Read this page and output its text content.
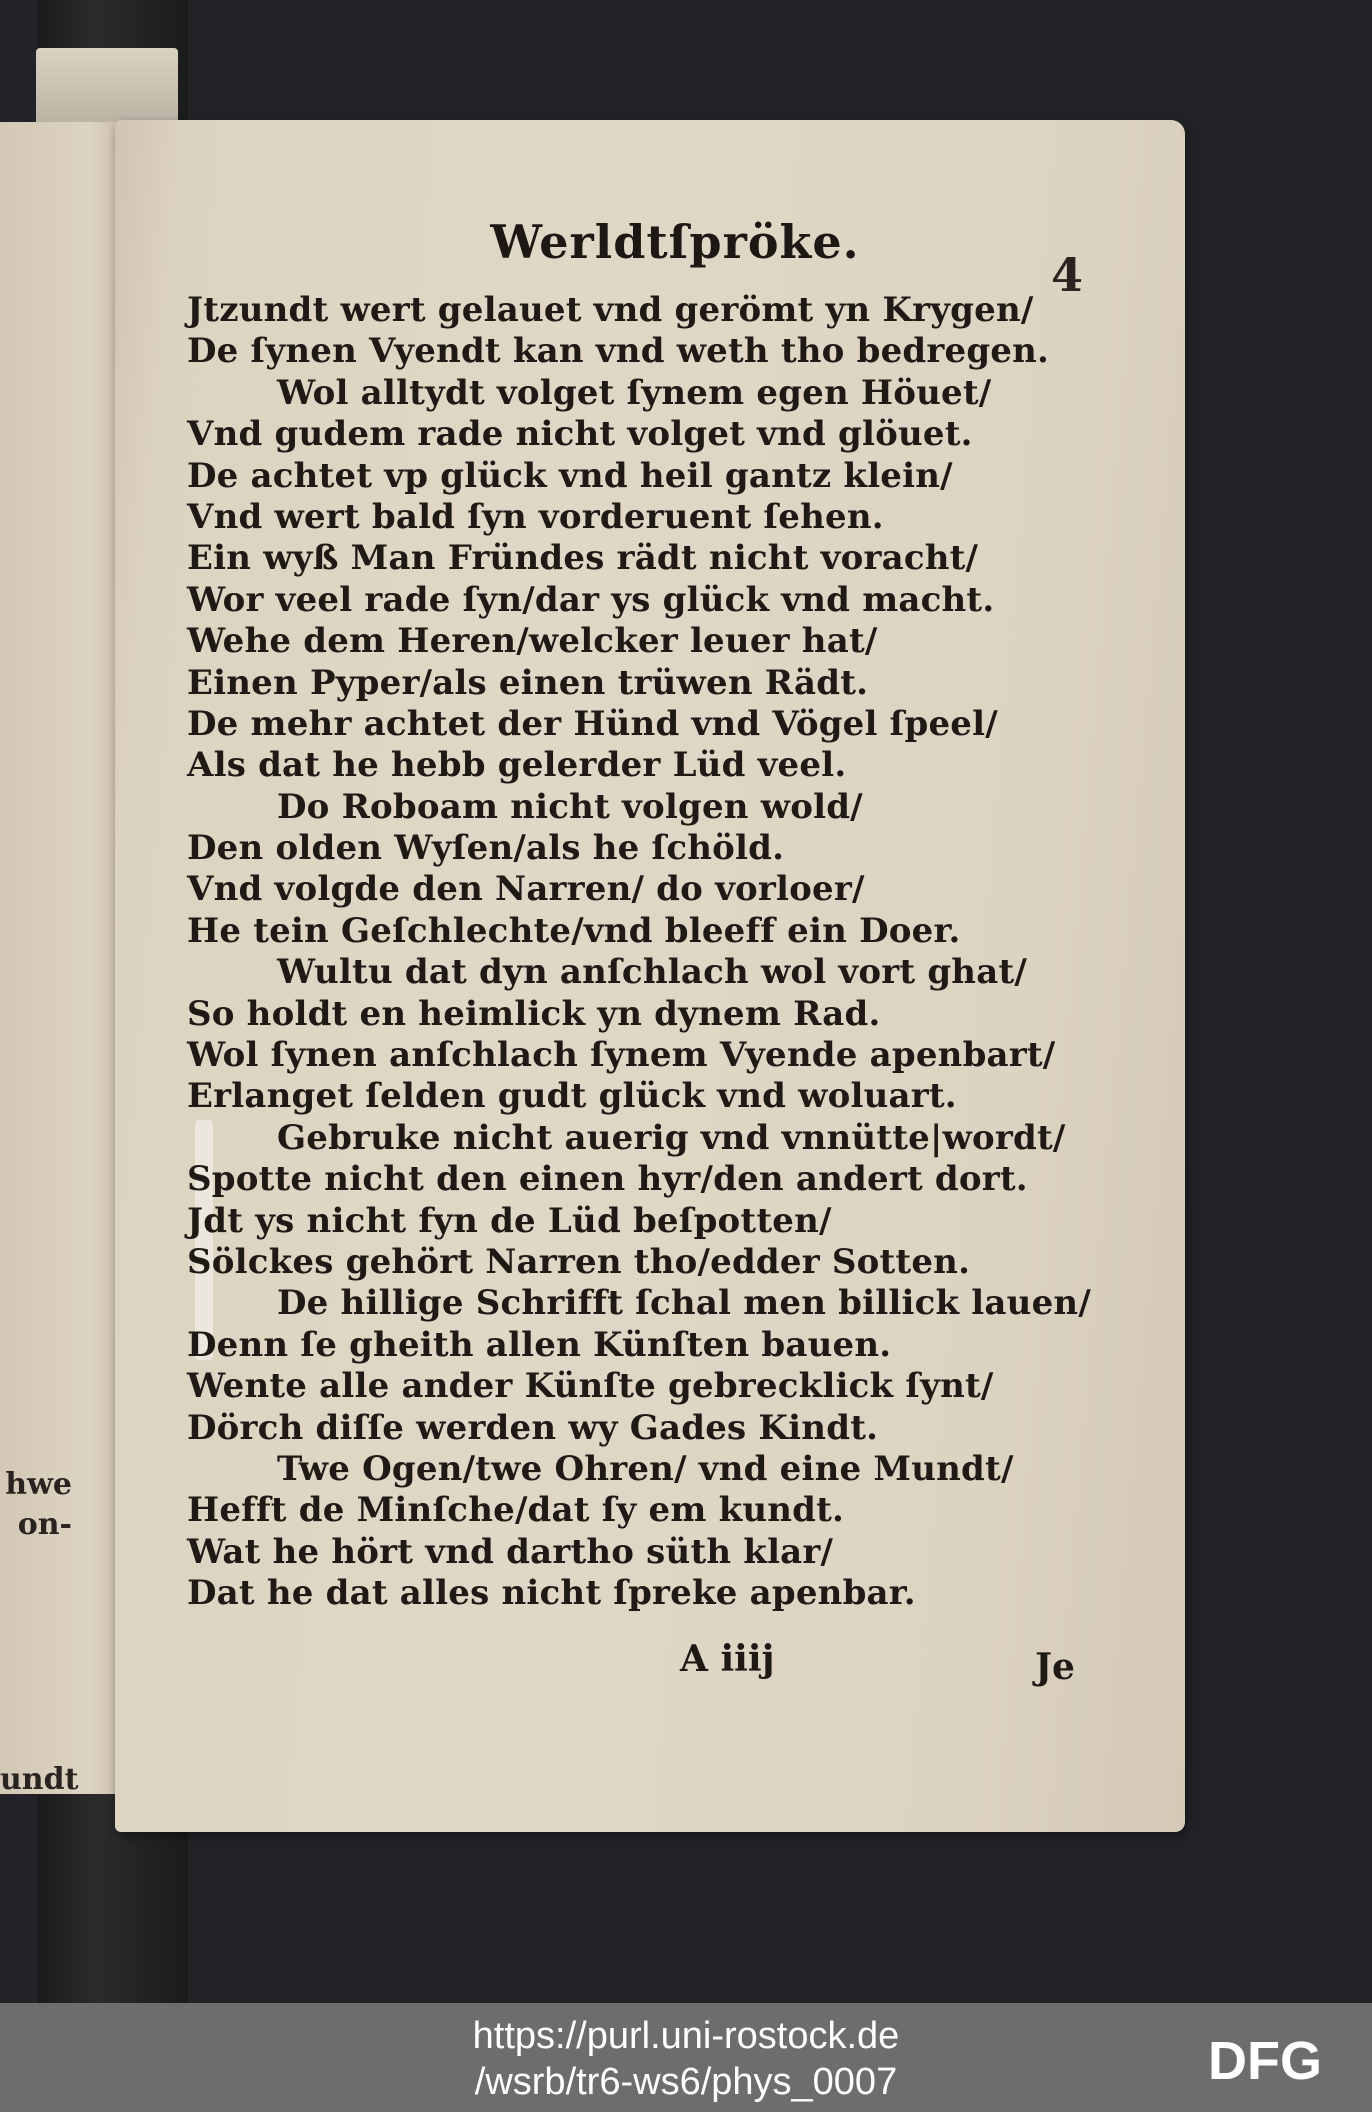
hwe
on-
undt
Werldtſpröke.
4
Jtzundt wert gelauet vnd gerömt yn Krygen/
De ſynen Vyendt kan vnd weth tho bedregen.
Wol alltydt volget ſynem egen Höuet/
Vnd gudem rade nicht volget vnd glöuet.
De achtet vp glück vnd heil gantz klein/
Vnd wert bald ſyn vorderuent ſehen.
Ein wyß Man Fründes rädt nicht voracht/
Wor veel rade ſyn/dar ys glück vnd macht.
Wehe dem Heren/welcker leuer hat/
Einen Pyper/als einen trüwen Rädt.
De mehr achtet der Hünd vnd Vögel ſpeel/
Als dat he hebb gelerder Lüd veel.
Do Roboam nicht volgen wold/
Den olden Wyſen/als he ſchöld.
Vnd volgde den Narren/ do vorloer/
He tein Geſchlechte/vnd bleeff ein Doer.
Wultu dat dyn anſchlach wol vort ghat/
So holdt en heimlick yn dynem Rad.
Wol ſynen anſchlach ſynem Vyende apenbart/
Erlanget ſelden gudt glück vnd woluart.
Gebruke nicht auerig vnd vnnütte|wordt/
Spotte nicht den einen hyr/den andert dort.
Jdt ys nicht fyn de Lüd beſpotten/
Sölckes gehört Narren tho/edder Sotten.
De hillige Schrifft ſchal men billick lauen/
Denn ſe gheith allen Künſten bauen.
Wente alle ander Künſte gebrecklick ſynt/
Dörch diſſe werden wy Gades Kindt.
Twe Ogen/twe Ohren/ vnd eine Mundt/
Hefft de Minſche/dat ſy em kundt.
Wat he hört vnd dartho süth klar/
Dat he dat alles nicht ſpreke apenbar.
A iiij	Je
https://purl.uni-rostock.de
/wsrb/tr6-ws6/phys_0007	DFG
